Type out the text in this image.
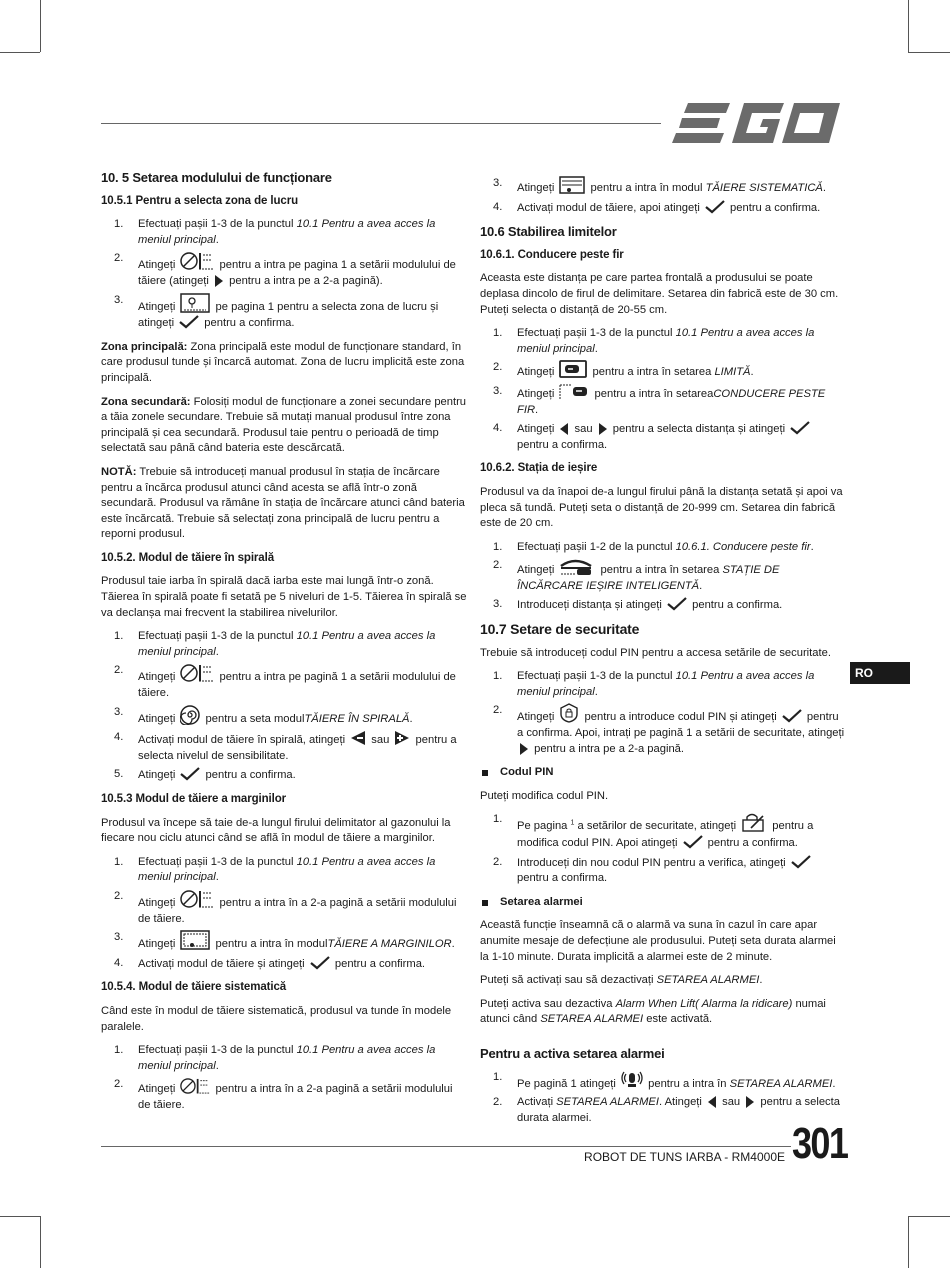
10. 5 Setarea modulului de funcționare
10.5.1 Pentru a selecta zona de lucru
1. Efectuați pașii 1-3 de la punctul 10.1 Pentru a avea acces la meniul principal.
2.
Atingeți	pentru a intra pe pagina 1 a setării modulului de tăiere (atingeți  pentru a intra pe a 2-a pagină).
3.
Atingeți	pe pagina 1 pentru a selecta zona de lucru și atingeți  pentru a confirma.

Zona principală: Zona principală este modul de funcționare standard, în care produsul tunde și încarcă automat. Zona de lucru implicită este zona principală.

Zona secundară: Folosiți modul de funcționare a zonei secundare pentru a tăia zonele secundare. Trebuie să mutați manual produsul între zona principală și cea secundară. Produsul taie pentru o perioadă de timp selectată sau până când bateria este descărcată.

NOTĂ: Trebuie să introduceți manual produsul în stația de încărcare pentru a încărca produsul atunci când acesta se află într-o zonă secundară. Produsul va rămâne în stația de încărcare atunci când bateria este încărcată. Trebuie să selectați zona principală de lucru pentru a reporni produsul.

10.5.2. Modul de tăiere în spirală

Produsul taie iarba în spirală dacă iarba este mai lungă într-o zonă. Tăierea în spirală poate fi setată pe 5 niveluri de 1-5. Tăierea în spirală se va declanșa mai frecvent la stabilirea nivelurilor.

1. Efectuați pașii 1-3 de la punctul 10.1 Pentru a avea acces la meniul principal.
2.
Atingeți	pentru a intra pe pagină 1 a setării modulului de tăiere.
3.
Atingeți  pentru a seta modulTĂIERE ÎN SPIRALĂ.
4. Activați modul de tăiere în spirală, atingeți  sau  pentru a selecta nivelul de sensibilitate.
5. Atingeți  pentru a confirma.
10.5.3 Modul de tăiere a marginilor

Produsul va începe să taie de-a lungul firului delimitator al gazonului la fiecare nou ciclu atunci când se află în modul de tăiere a marginilor.

1. Efectuați pașii 1-3 de la punctul 10.1 Pentru a avea acces la meniul principal.
2.
Atingeți	pentru a intra în a 2-a pagină a setării modulului de tăiere.
3.
Atingeți	pentru a intra în modulTĂIERE A MARGINILOR.
4. Activați modul de tăiere și atingeți  pentru a confirma.
10.5.4. Modul de tăiere sistematică

Când este în modul de tăiere sistematică, produsul va tunde în modele paralele.

1. Efectuați pașii 1-3 de la punctul 10.1 Pentru a avea acces la meniul principal.
2. Atingeți	pentru a intra în a 2-a pagină a setării modulului de tăiere.
3. Atingeți	pentru a intra în modul TĂIERE SISTEMATICĂ.
4. Activați modul de tăiere, apoi atingeți  pentru a confirma.
10.6 Stabilirea limitelor
10.6.1. Conducere peste fir

Aceasta este distanța pe care partea frontală a produsului se poate deplasa dincolo de firul de delimitare. Setarea din fabrică este de 30 cm. Puteți selecta o distanță de 20-55 cm.

1. Efectuați pașii 1-3 de la punctul 10.1 Pentru a avea acces la meniul principal.
2. Atingeți	pentru a intra în setarea LIMITĂ.
3. Atingeți	pentru a intra în setareaCONDUCERE PESTE FIR.
4. Atingeți  sau  pentru a selecta distanța și atingeți  pentru a confirma.
10.6.2. Stația de ieșire

Produsul va da înapoi de-a lungul firului până la distanța setată și apoi va pleca să tundă. Puteți seta o distanță de 20-999 cm. Setarea din fabrică este de 20 cm.

1. Efectuați pașii 1-2 de la punctul 10.6.1. Conducere peste fir.
2. Atingeți	pentru a intra în setarea STAȚIE DE ÎNCĂRCARE IEȘIRE INTELIGENTĂ.
3. Introduceți distanța și atingeți  pentru a confirma.
10.7 Setare de securitate

Trebuie să introduceți codul PIN pentru a accesa setările de securitate.

1. Efectuați pașii 1-3 de la punctul 10.1 Pentru a avea acces la meniul principal.
2.
Atingeți  pentru a introduce codul PIN și atingeți  pentru a confirma. Apoi, intrați pe pagină 1 a setării de securitate, atingeți  pentru a intra pe a 2-a pagină.
Codul PIN

Puteți modifica codul PIN.

1.
Pe pagina $^1$ a setărilor de securitate, atingeți	pentru a modifica codul PIN. Apoi atingeți  pentru a confirma.
2. Introduceți din nou codul PIN pentru a verifica, atingeți  pentru a confirma.
Setarea alarmei

Această funcție înseamnă că o alarmă va suna în cazul în care apar anumite mesaje de defecțiune ale produsului. Puteți seta durata alarmei la 1-10 minute. Durata implicită a alarmei este de 2 minute.

Puteți să activați sau să dezactivați SETAREA ALARMEI.

Puteți activa sau dezactiva Alarm When Lift( Alarma la ridicare) numai atunci când SETAREA ALARMEI este activată.

Pentru a activa setarea alarmei
1.
Pe pagină 1 atingeți  pentru a intra în SETAREA ALARMEI.
2. Activați SETAREA ALARMEI. Atingeți  sau  pentru a selecta durata alarmei.
RO
ROBOT DE TUNS IARBA - RM4000E 301
